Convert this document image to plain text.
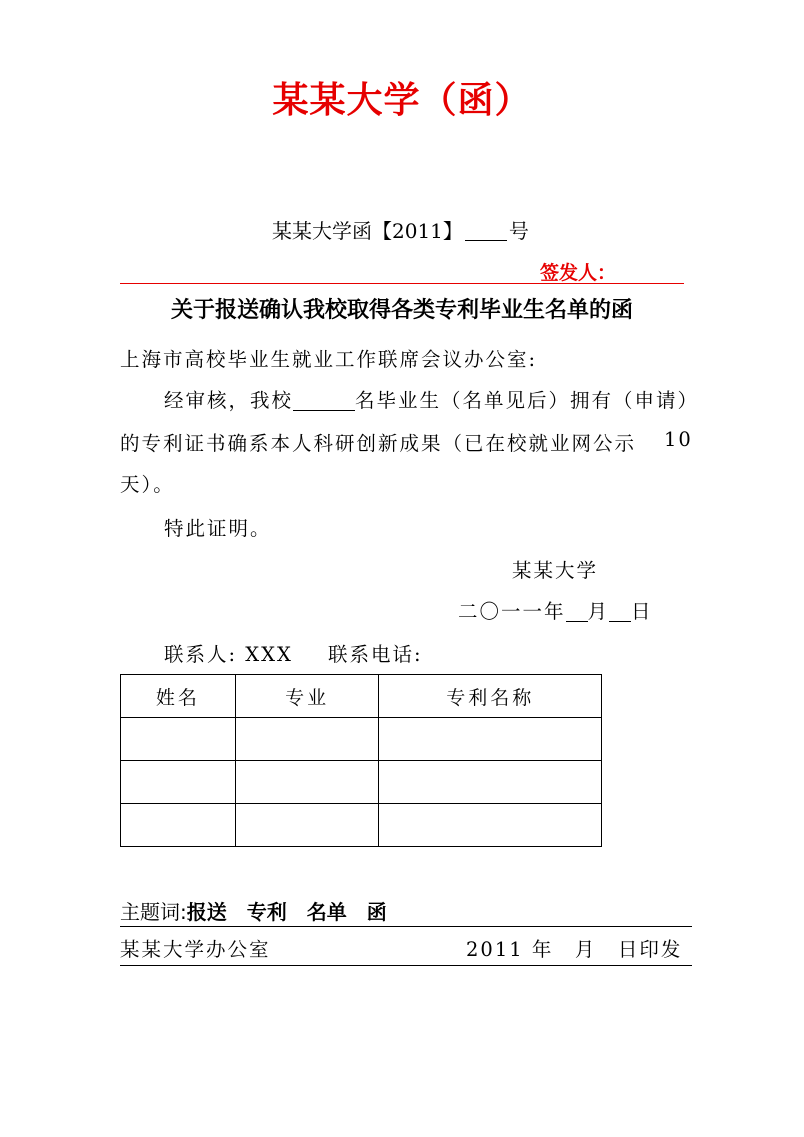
某某大学（函）
某某大学函【2011】 号
签发人：
关于报送确认我校取得各类专利毕业生名单的函
上海市高校毕业生就业工作联席会议办公室:
经审核，我校	名毕业生（名单见后）拥有（申请）
的专利证书确系本人科研创新成果（已在校就业网公示 10
天）。
特此证明。
某某大学
二〇一一年 月 日
联系人: XXX 联系电话:
姓名	专业	专利名称

主题词:报送　专利　名单　函
某某大学办公室	2011 年　月　日印发
